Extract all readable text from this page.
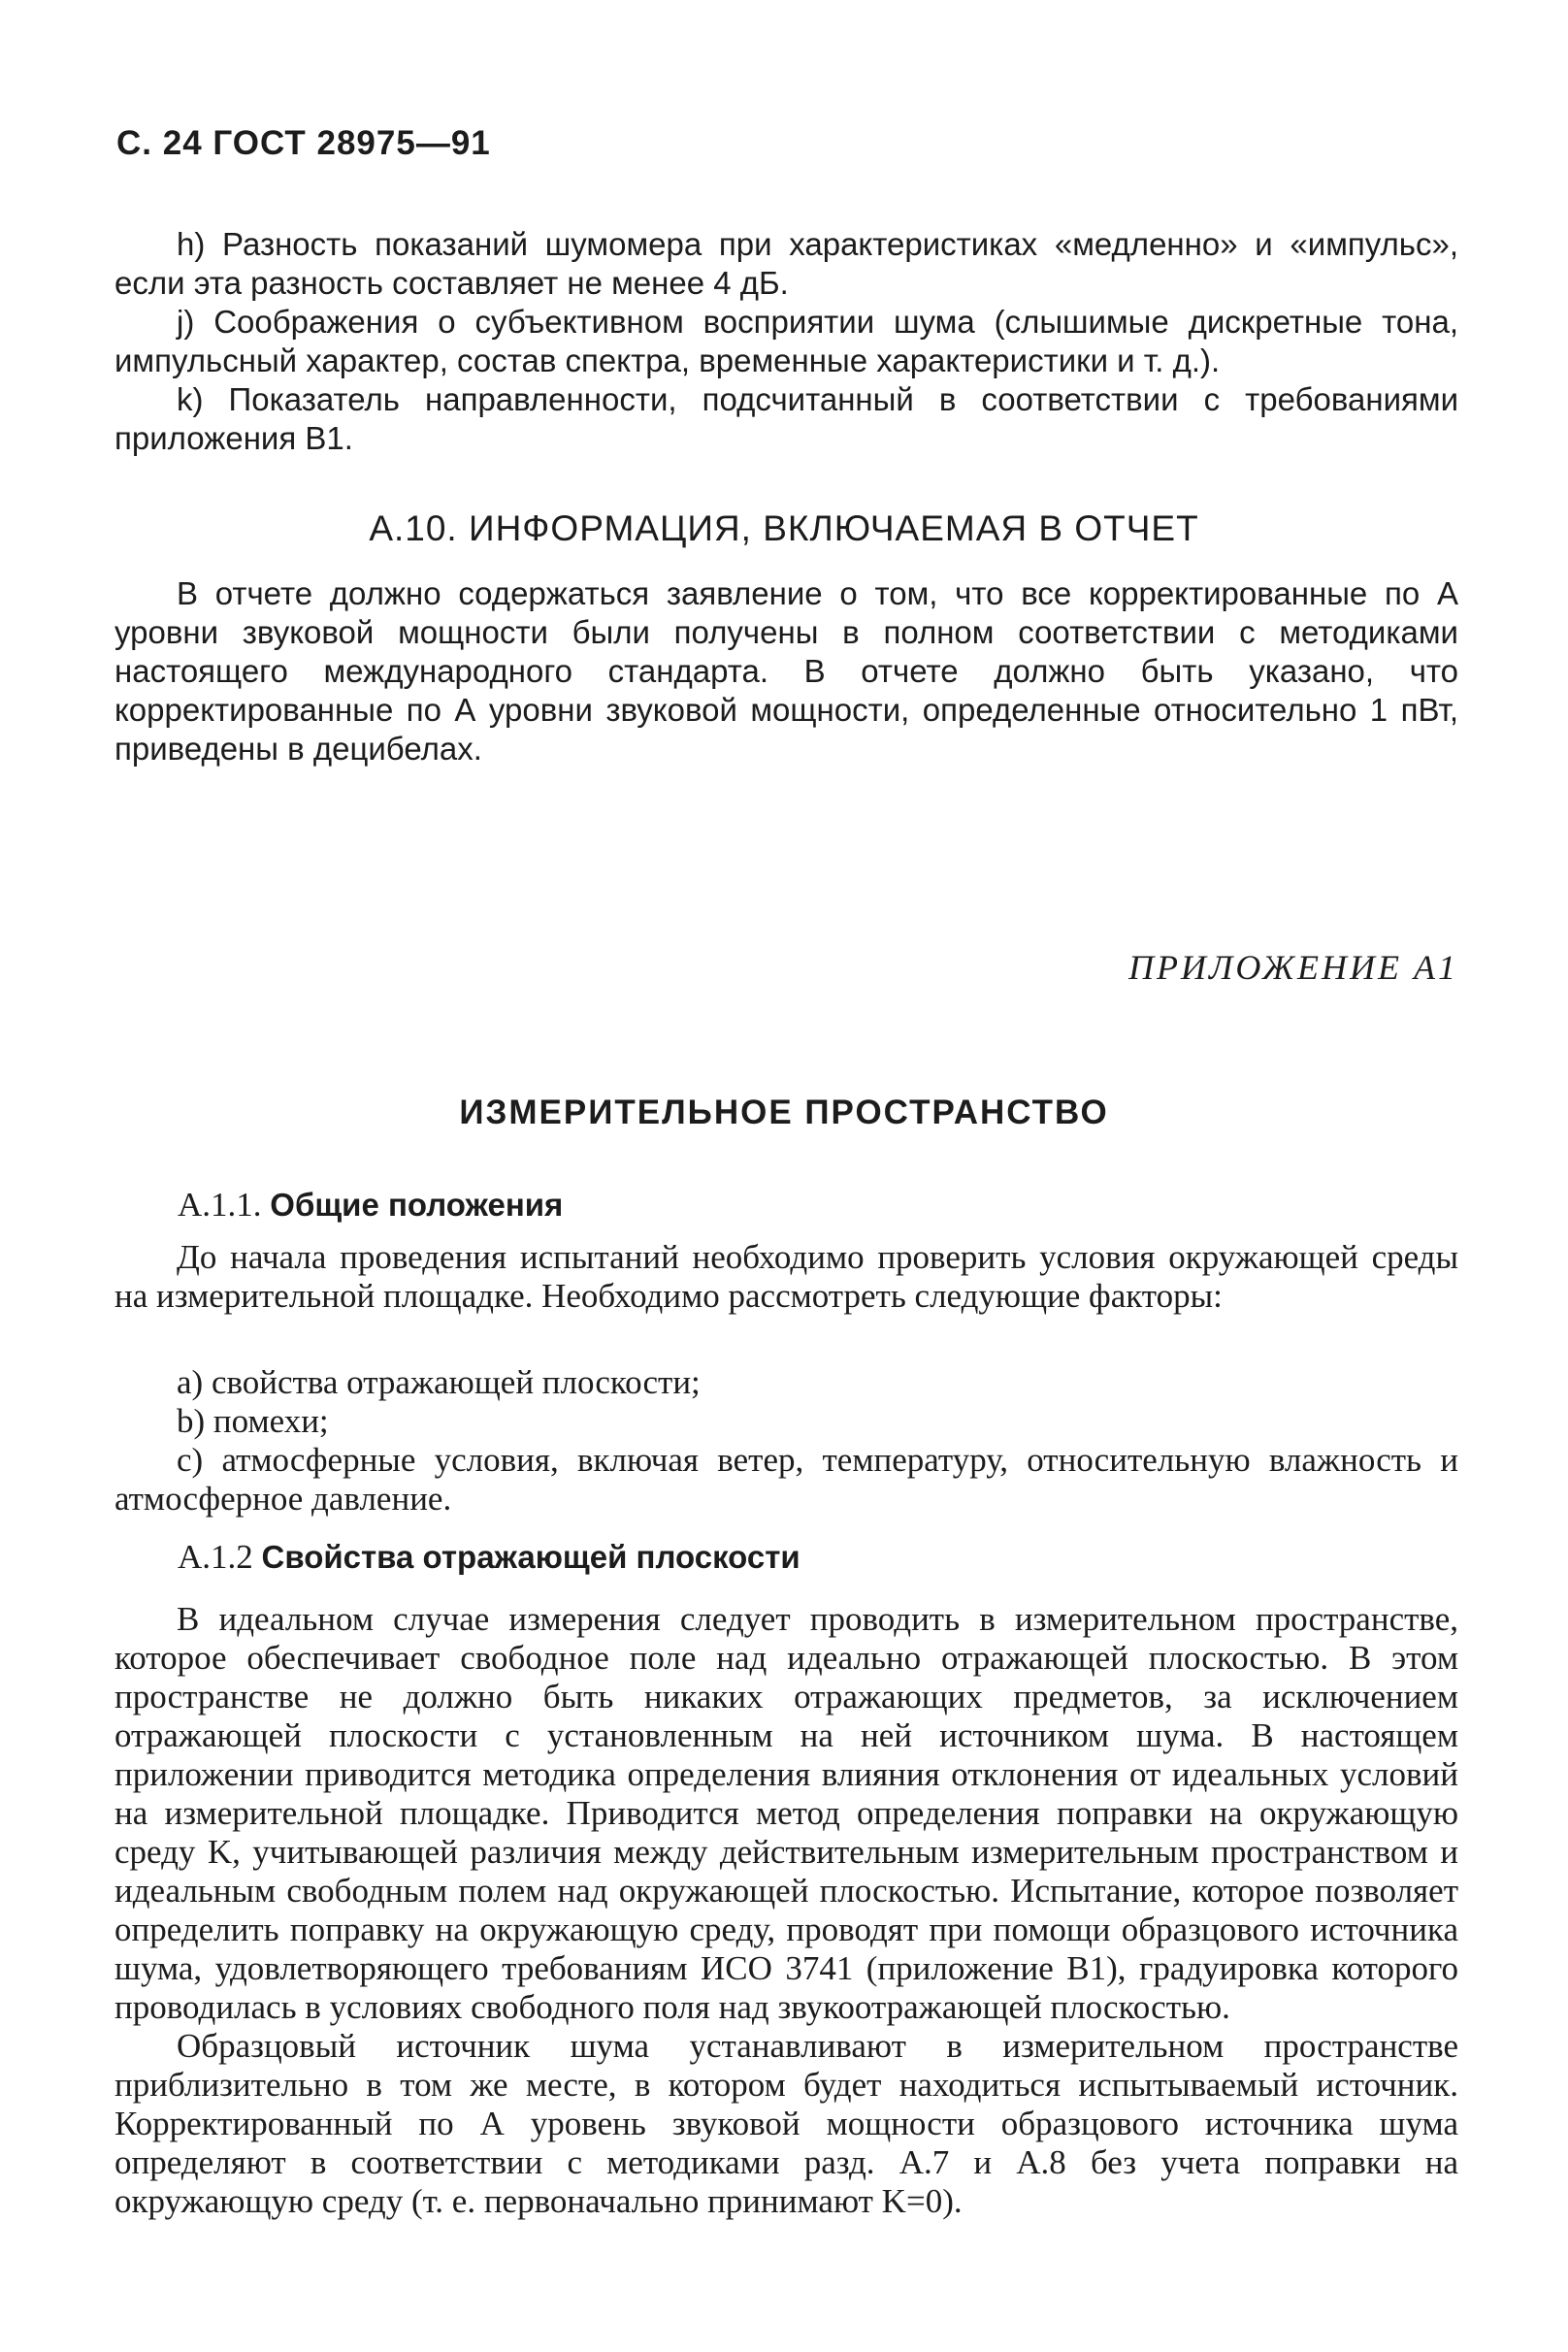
С. 24 ГОСТ 28975—91

h) Разность показаний шумомера при характеристиках «медленно» и «импульс», если эта разность составляет не менее 4 дБ.

j) Соображения о субъективном восприятии шума (слышимые дискретные тона, импульсный характер, состав спектра, временные характеристики и т. д.).

k) Показатель направленности, подсчитанный в соответствии с требованиями приложения В1.

А.10. ИНФОРМАЦИЯ, ВКЛЮЧАЕМАЯ В ОТЧЕТ

В отчете должно содержаться заявление о том, что все корректированные по А уровни звуковой мощности были получены в полном соответствии с методиками настоящего международного стандарта. В отчете должно быть указано, что корректированные по А уровни звуковой мощности, определенные относительно 1 пВт, приведены в децибелах.

ПРИЛОЖЕНИЕ А1
ИЗМЕРИТЕЛЬНОЕ ПРОСТРАНСТВО
А.1.1. Общие положения

До начала проведения испытаний необходимо проверить условия окружающей среды на измерительной площадке. Необходимо рассмотреть следующие факторы:

а) свойства отражающей плоскости;

b) помехи;

с) атмосферные условия, включая ветер, температуру, относительную влажность и атмосферное давление.

А.1.2 Свойства отражающей плоскости

В идеальном случае измерения следует проводить в измерительном пространстве, которое обеспечивает свободное поле над идеально отражающей плоскостью. В этом пространстве не должно быть никаких отражающих предметов, за исключением отражающей плоскости с установленным на ней источником шума. В настоящем приложении приводится методика определения влияния отклонения от идеальных условий на измерительной площадке. Приводится метод определения поправки на окружающую среду K, учитывающей различия между действительным измерительным пространством и идеальным свободным полем над окружающей плоскостью. Испытание, которое позволяет определить поправку на окружающую среду, проводят при помощи образцового источника шума, удовлетворяющего требованиям ИСО 3741 (приложение В1), градуировка которого проводилась в условиях свободного поля над звукоотражающей плоскостью.

Образцовый источник шума устанавливают в измерительном пространстве приблизительно в том же месте, в котором будет находиться испытываемый источник. Корректированный по А уровень звуковой мощности образцового источника шума определяют в соответствии с методиками разд. А.7 и А.8 без учета поправки на окружающую среду (т. е. первоначально принимают K=0).
